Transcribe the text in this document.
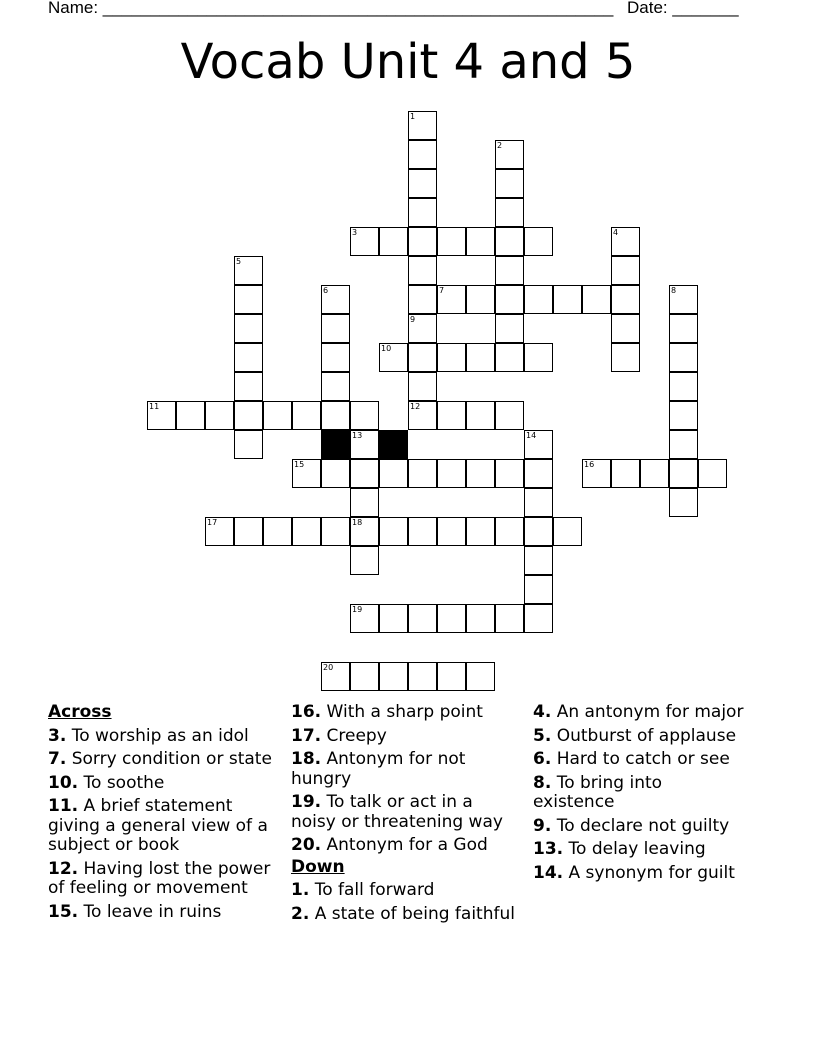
Name: ______________________________________________________ Date: _______
Vocab Unit 4 and 5
1
2
3	4
5
6	7	8
9
12
10
11
13
18
14
15	16
17
19
20
Across
3. To worship as an idol
7. Sorry condition or state
10. To soothe
11. A brief statement giving a general view of a subject or book
12. Having lost the power of feeling or movement
15. To leave in ruins
16. With a sharp point
17. Creepy
18. Antonym for not hungry
19. To talk or act in a noisy or threatening way
20. Antonym for a God
Down
1. To fall forward
2. A state of being faithful
4. An antonym for major
5. Outburst of applause
6. Hard to catch or see
8. To bring into existence
9. To declare not guilty
13. To delay leaving
14. A synonym for guilt
